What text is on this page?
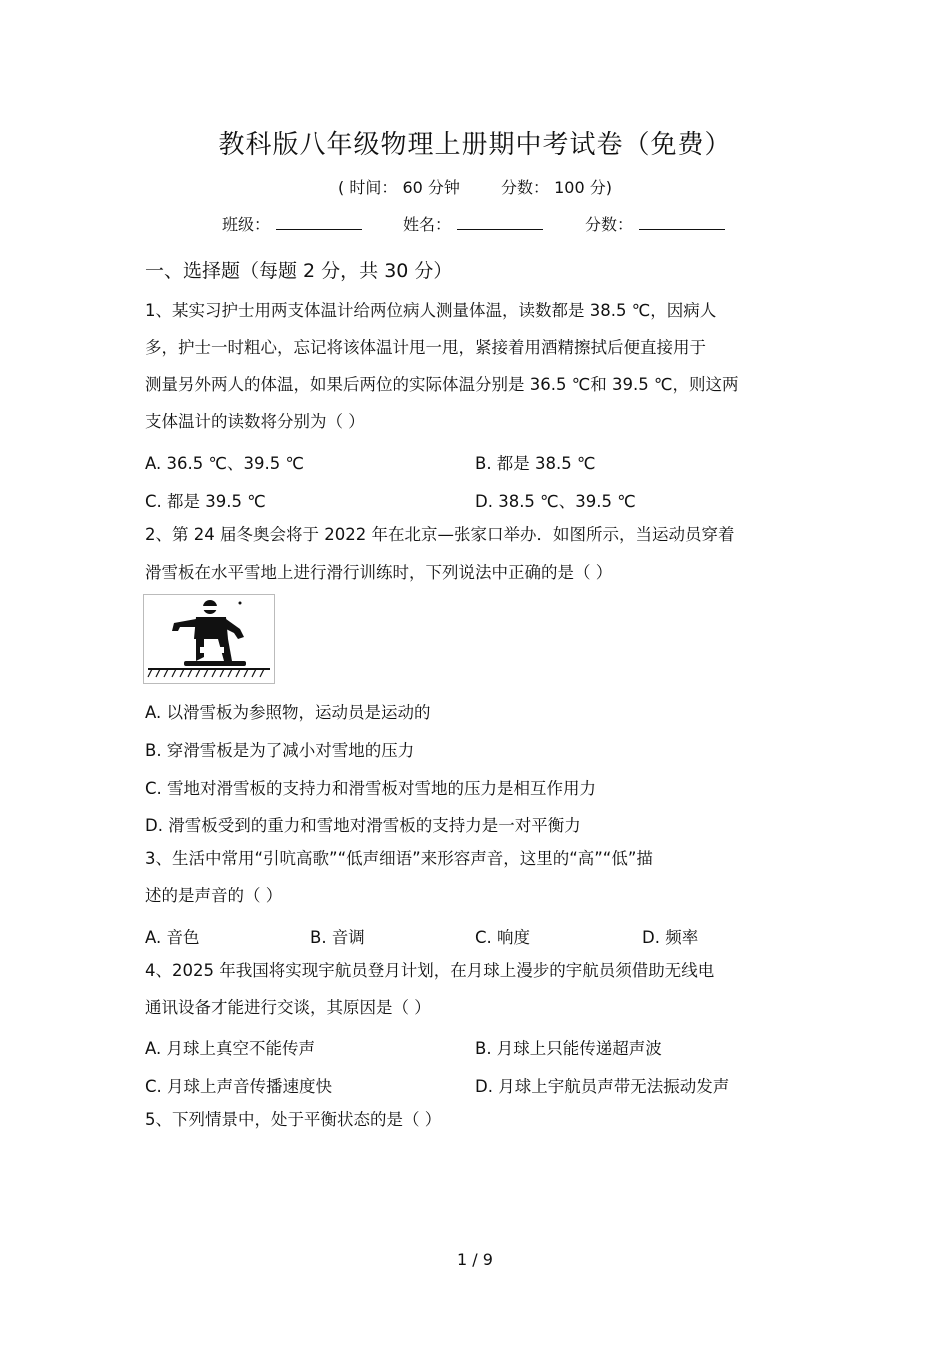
教科版八年级物理上册期中考试卷（免费）
( 时间： 60 分钟	分数： 100 分)
班级：	姓名：	分数：
一、选择题（每题 2 分，共 30 分）
1、某实习护士用两支体温计给两位病人测量体温，读数都是 38.5 ℃，因病人
多，护士一时粗心，忘记将该体温计甩一甩，紧接着用酒精擦拭后便直接用于
测量另外两人的体温，如果后两位的实际体温分别是 36.5 ℃和 39.5 ℃，则这两
支体温计的读数将分别为（ ）
A. 36.5 ℃、39.5 ℃	B. 都是 38.5 ℃
C. 都是 39.5 ℃	D. 38.5 ℃、39.5 ℃
2、第 24 届冬奥会将于 2022 年在北京—张家口举办．如图所示，当运动员穿着
滑雪板在水平雪地上进行滑行训练时，下列说法中正确的是（ ）
A. 以滑雪板为参照物，运动员是运动的
B. 穿滑雪板是为了减小对雪地的压力
C. 雪地对滑雪板的支持力和滑雪板对雪地的压力是相互作用力
D. 滑雪板受到的重力和雪地对滑雪板的支持力是一对平衡力
3、生活中常用“引吭高歌”“低声细语”来形容声音，这里的“高”“低”描
述的是声音的（ ）
A. 音色	B. 音调	C. 响度	D. 频率
4、2025 年我国将实现宇航员登月计划，在月球上漫步的宇航员须借助无线电
通讯设备才能进行交谈，其原因是（ ）
A. 月球上真空不能传声	B. 月球上只能传递超声波
C. 月球上声音传播速度快	D. 月球上宇航员声带无法振动发声
5、下列情景中，处于平衡状态的是（ ）
1 / 9
